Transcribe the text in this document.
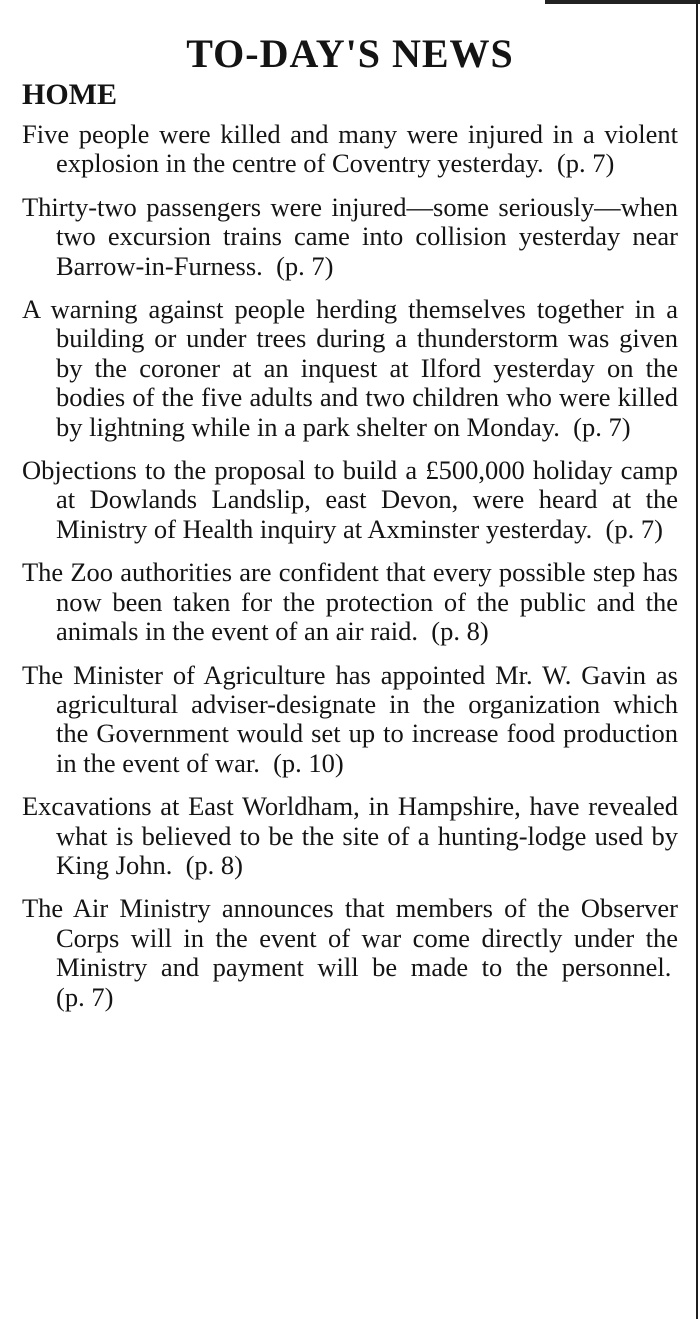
TO-DAY'S NEWS
HOME

Five people were killed and many were injured in a violent explosion in the centre of Coventry yesterday. (p. 7)

Thirty-two passengers were injured—some seriously—when two excursion trains came into collision yesterday near Barrow-in-Furness. (p. 7)

A warning against people herding themselves together in a building or under trees during a thunderstorm was given by the coroner at an inquest at Ilford yesterday on the bodies of the five adults and two children who were killed by lightning while in a park shelter on Monday. (p. 7)

Objections to the proposal to build a £500,000 holiday camp at Dowlands Landslip, east Devon, were heard at the Ministry of Health inquiry at Axminster yesterday. (p. 7)

The Zoo authorities are confident that every possible step has now been taken for the protection of the public and the animals in the event of an air raid. (p. 8)

The Minister of Agriculture has appointed Mr. W. Gavin as agricultural adviser-designate in the organization which the Government would set up to increase food production in the event of war. (p. 10)

Excavations at East Worldham, in Hampshire, have revealed what is believed to be the site of a hunting-lodge used by King John. (p. 8)

The Air Ministry announces that members of the Observer Corps will in the event of war come directly under the Ministry and payment will be made to the personnel.  (p. 7)
